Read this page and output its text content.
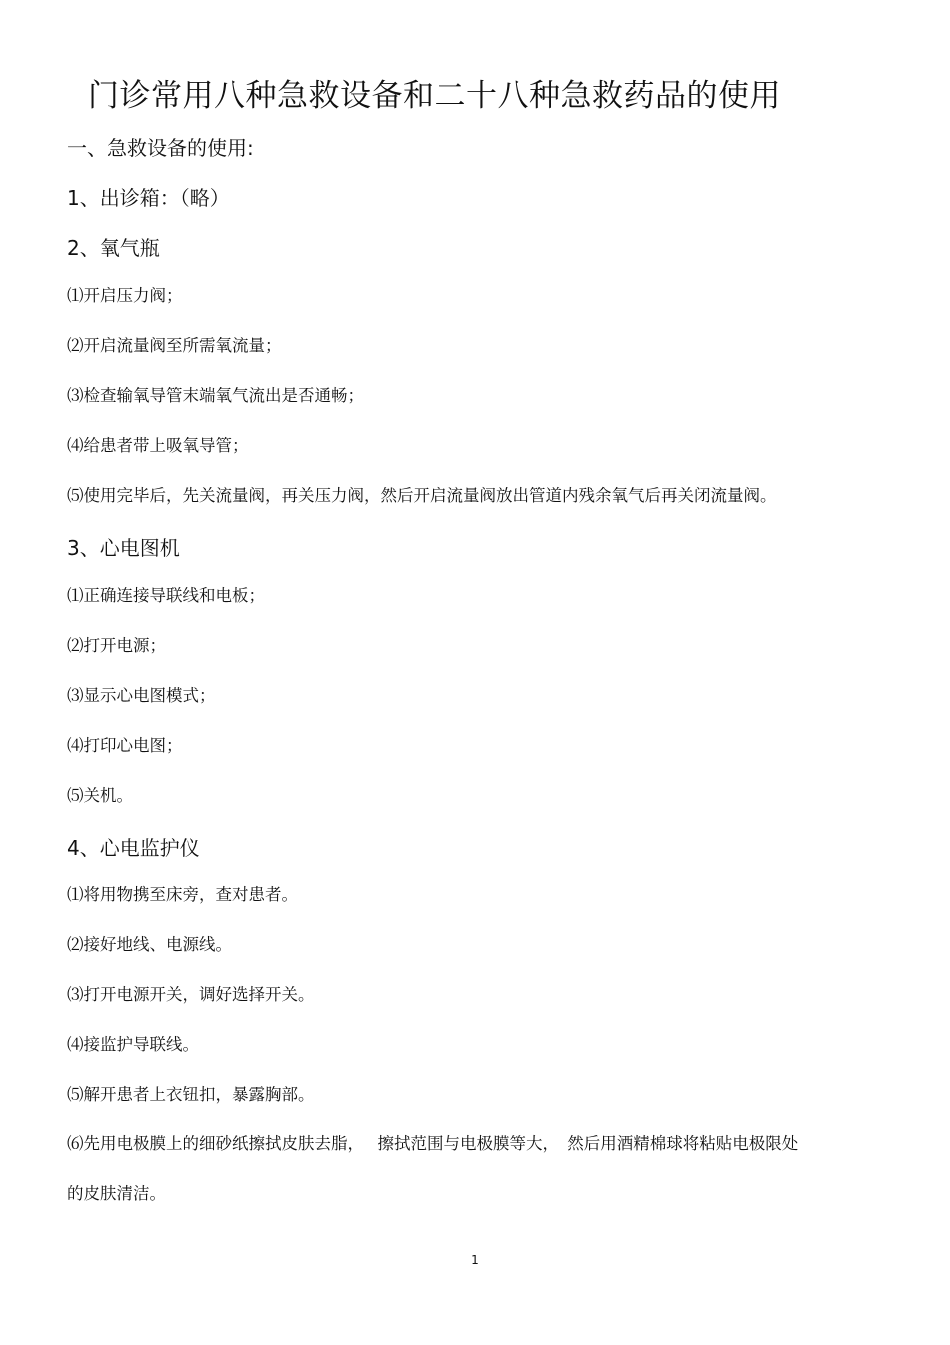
门诊常用八种急救设备和二十八种急救药品的使用
一、急救设备的使用:
1、出诊箱：（略）
2、氧气瓶
⑴开启压力阀；
⑵开启流量阀至所需氧流量；
⑶检查输氧导管末端氧气流出是否通畅；
⑷给患者带上吸氧导管；
⑸使用完毕后，先关流量阀，再关压力阀，然后开启流量阀放出管道内残余氧气后再关闭流量阀。
3、心电图机
⑴正确连接导联线和电板；
⑵打开电源；
⑶显示心电图模式；
⑷打印心电图；
⑸关机。
4、心电监护仪
⑴将用物携至床旁，查对患者。
⑵接好地线、电源线。
⑶打开电源开关，调好选择开关。
⑷接监护导联线。
⑸解开患者上衣钮扣，暴露胸部。
⑹先用电极膜上的细砂纸擦拭皮肤去脂，　 擦拭范围与电极膜等大，　然后用酒精棉球将粘贴电极限处
的皮肤清洁。
1
